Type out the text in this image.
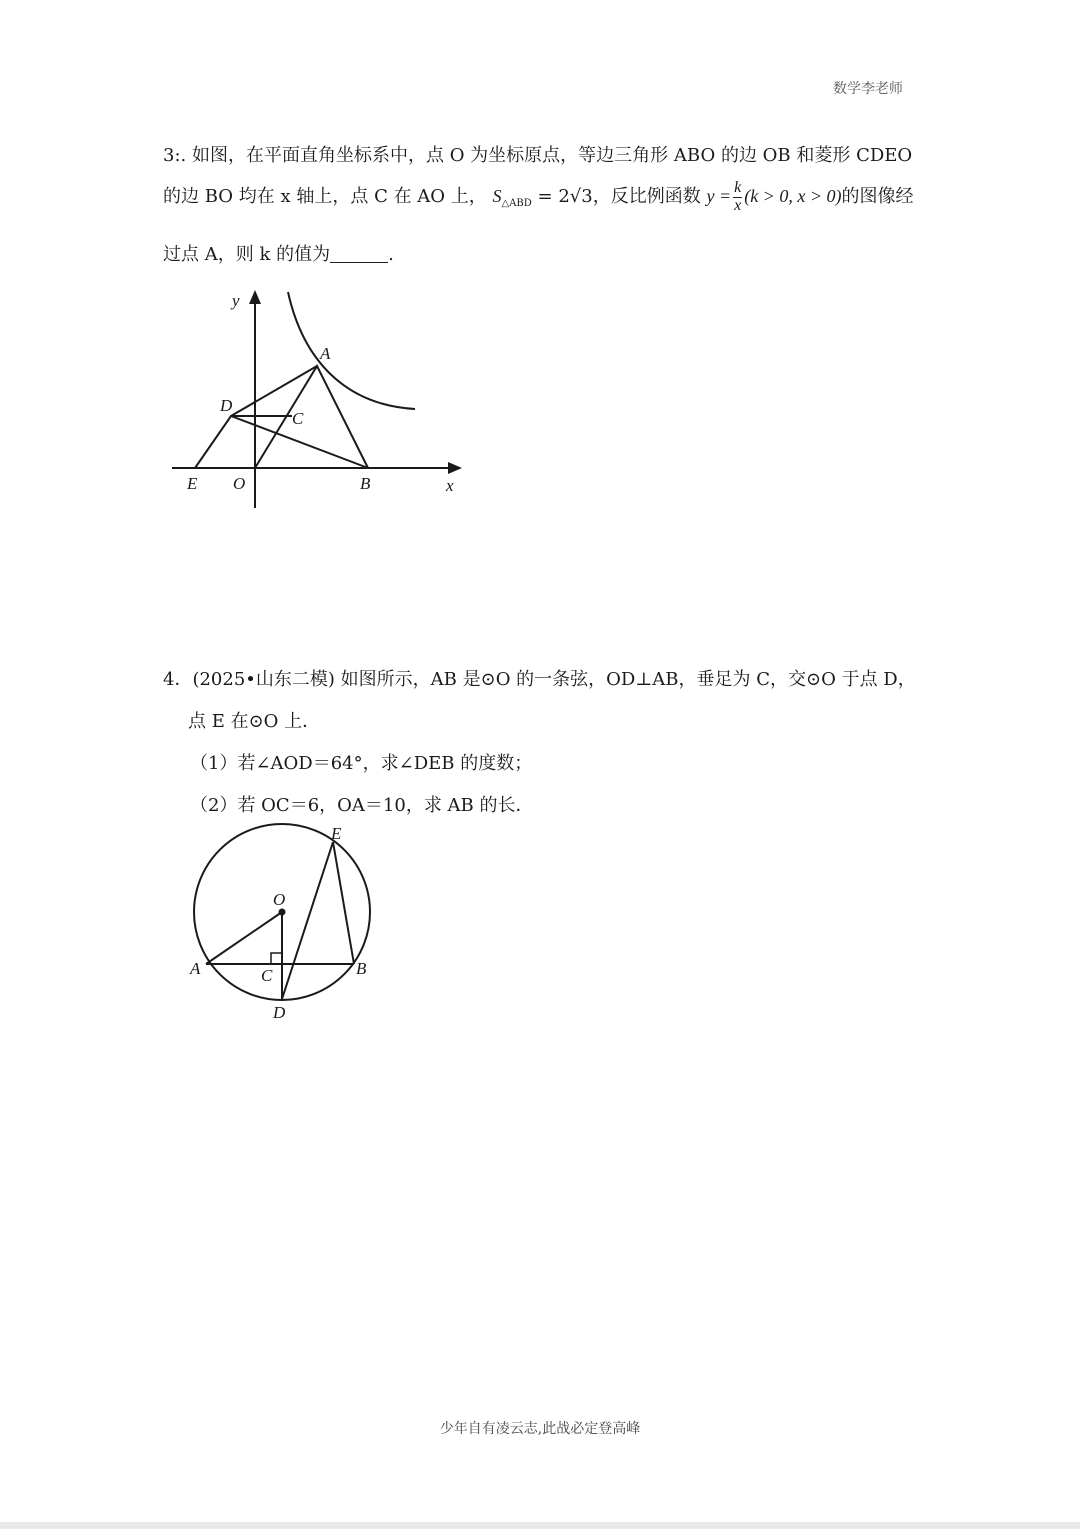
数学李老师
3:. 如图，在平面直角坐标系中，点 O 为坐标原点，等边三角形 ABO 的边 OB 和菱形 CDEO
的边 BO 均在 x 轴上，点 C 在 AO 上， $S_{\triangle ABD} = 2√3$，反比例函数 $y = \frac{k}{x} (k > 0$, x > 0)的图像经
过点 A，则 k 的值为	.
y
x
A
B
C
D
E O
4．(2025•山东二模) 如图所示，AB 是⊙O 的一条弦，OD⊥AB，垂足为 C，交⊙O 于点 D，
点 E 在⊙O 上．
（1）若∠AOD＝64°，求∠DEB 的度数；
（2）若 OC＝6，OA＝10，求 AB 的长．
O
A	B
C
D
E
少年自有凌云志,此战必定登高峰
